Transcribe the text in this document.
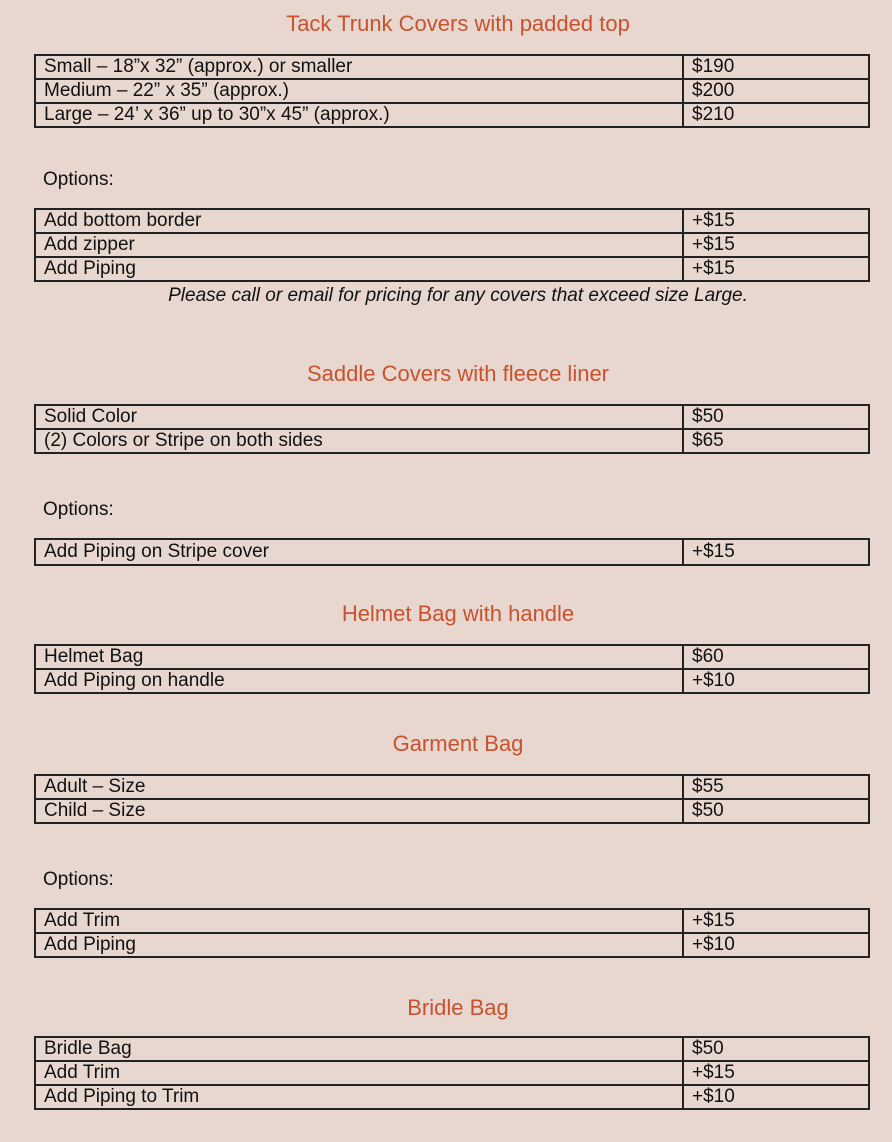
Tack Trunk Covers with padded top
Small – 18”x 32” (approx.) or smaller	$190
Medium – 22” x 35” (approx.)	$200
Large – 24’ x 36” up to 30”x 45” (approx.)	$210
Options:
Add bottom border	+$15
Add zipper	+$15
Add Piping	+$15
Please call or email for pricing for any covers that exceed size Large.
Saddle Covers with fleece liner
Solid Color	$50
(2) Colors or Stripe on both sides	$65
Options:
Add Piping on Stripe cover	+$15
Helmet Bag with handle
Helmet Bag	$60
Add Piping on handle	+$10
Garment Bag
Adult – Size	$55
Child – Size	$50
Options:
Add Trim	+$15
Add Piping	+$10
Bridle Bag
Bridle Bag	$50
Add Trim	+$15
Add Piping to Trim	+$10
